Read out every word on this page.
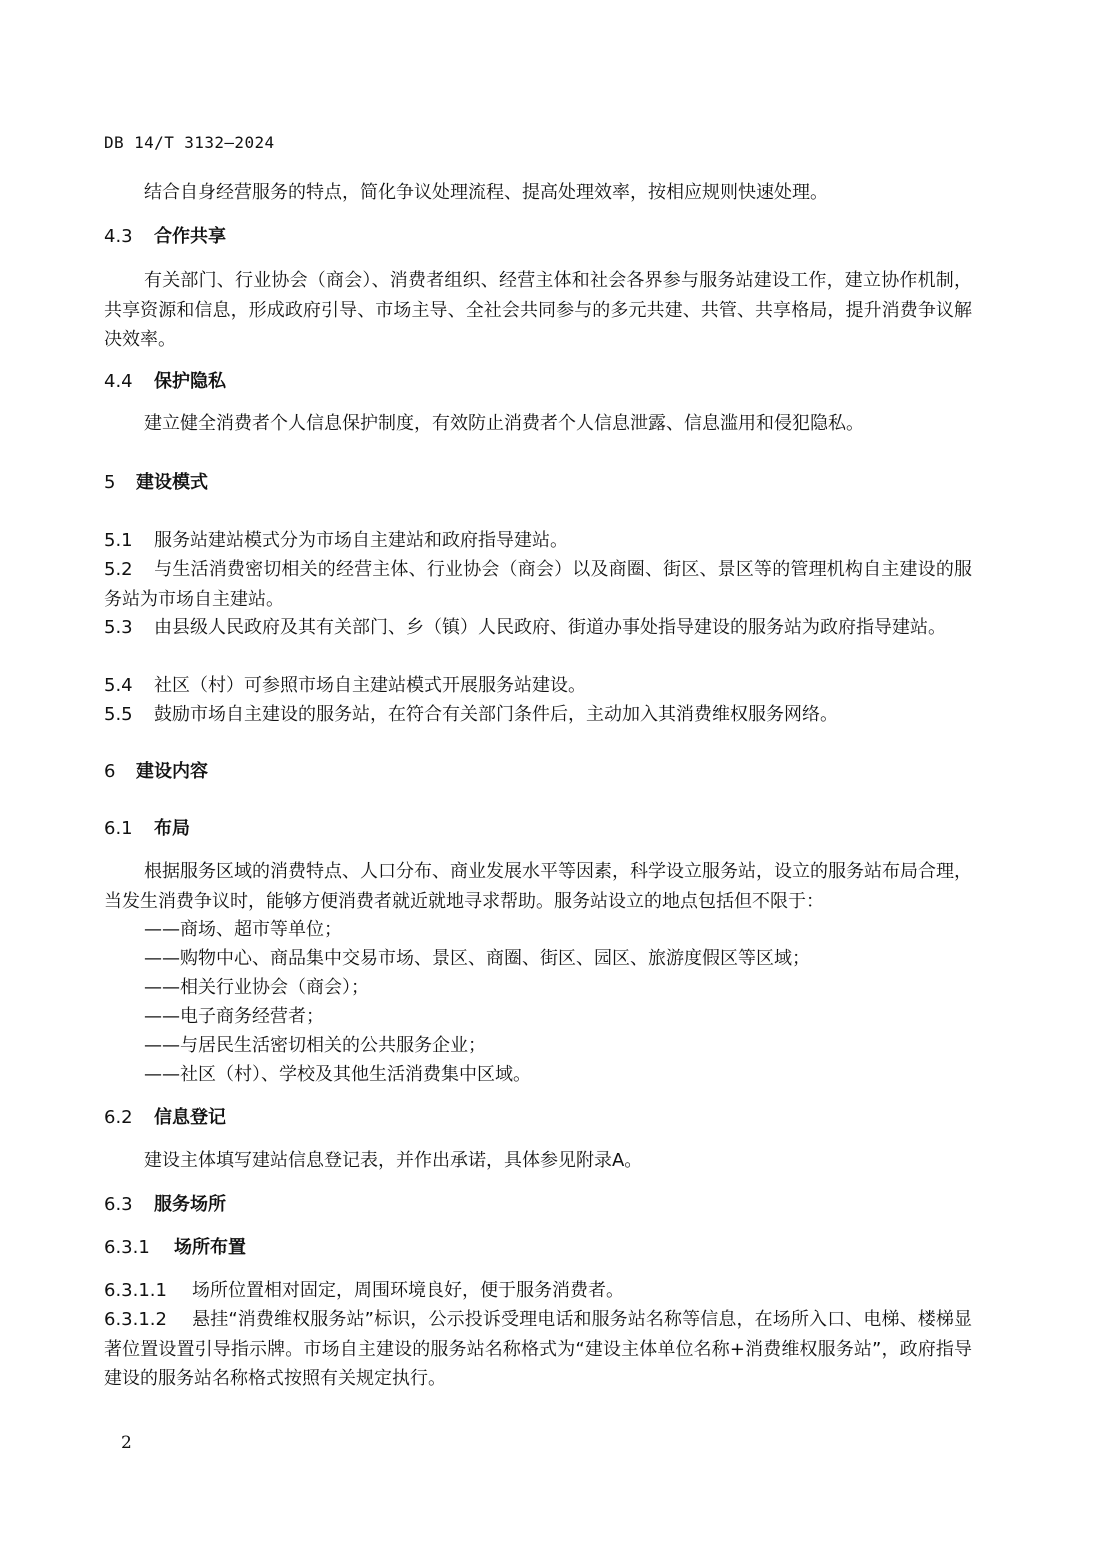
DB 14/T 3132—2024

结合自身经营服务的特点，简化争议处理流程、提高处理效率，按相应规则快速处理。

4.3 合作共享

有关部门、行业协会（商会）、消费者组织、经营主体和社会各界参与服务站建设工作，建立协作机制，共享资源和信息，形成政府引导、市场主导、全社会共同参与的多元共建、共管、共享格局，提升消费争议解决效率。

4.4 保护隐私

建立健全消费者个人信息保护制度，有效防止消费者个人信息泄露、信息滥用和侵犯隐私。

5 建设模式
5.1 服务站建站模式分为市场自主建站和政府指导建站。
5.2 与生活消费密切相关的经营主体、行业协会（商会）以及商圈、街区、景区等的管理机构自主建设的服务站为市场自主建站。
5.3 由县级人民政府及其有关部门、乡（镇）人民政府、街道办事处指导建设的服务站为政府指导建站。
5.4 社区（村）可参照市场自主建站模式开展服务站建设。
5.5 鼓励市场自主建设的服务站，在符合有关部门条件后，主动加入其消费维权服务网络。
6 建设内容
6.1 布局

根据服务区域的消费特点、人口分布、商业发展水平等因素，科学设立服务站，设立的服务站布局合理，当发生消费争议时，能够方便消费者就近就地寻求帮助。服务站设立的地点包括但不限于：

——商场、超市等单位；
——购物中心、商品集中交易市场、景区、商圈、街区、园区、旅游度假区等区域；
——相关行业协会（商会）；
——电子商务经营者；
——与居民生活密切相关的公共服务企业；
——社区（村）、学校及其他生活消费集中区域。
6.2 信息登记

建设主体填写建站信息登记表，并作出承诺，具体参见附录A。

6.3 服务场所
6.3.1 场所布置
6.3.1.1 场所位置相对固定，周围环境良好，便于服务消费者。
6.3.1.2 悬挂“消费维权服务站”标识，公示投诉受理电话和服务站名称等信息，在场所入口、电梯、楼梯显著位置设置引导指示牌。市场自主建设的服务站名称格式为“建设主体单位名称+消费维权服务站”，政府指导建设的服务站名称格式按照有关规定执行。
2
